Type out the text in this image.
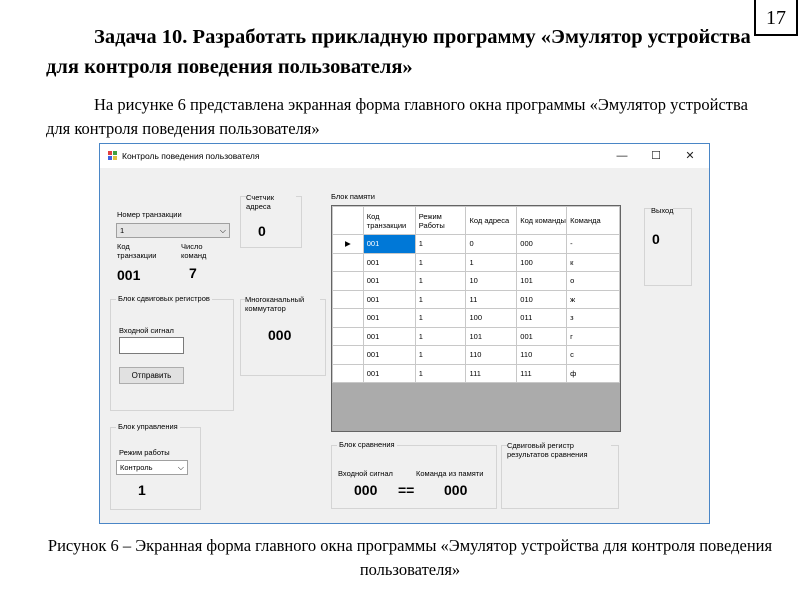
17
Задача 10. Разработать прикладную программу «Эмулятор устройства для контроля поведения пользователя»
На рисунке 6 представлена экранная форма главного окна программы «Эмулятор устройства для контроля поведения пользователя»
Контроль поведения пользователя	—	☐	✕
Номер транзакции
1	⌵
Код транзакции
Число команд
001	7
Счетчик адреса
0
Блок сдвиговых регистров
Входной сигнал
Отправить
Многоканальный коммутатор
000
Блок управления
Режим работы
Контроль	⌵
1
Блок памяти
	Код транзакции	Режим Работы	Код адреса	Код команды	Команда
▶	001	1	0	000	-
	001	1	1	100	к
	001	1	10	101	о
	001	1	11	010	ж
	001	1	100	011	з
	001	1	101	001	г
	001	1	110	110	с
	001	1	111	111	ф
Выход
0
Блок сравнения
Входной сигнал	Команда из памяти
000 == 000
Сдвиговый регистр результатов сравнения
Рисунок 6 – Экранная форма главного окна программы «Эмулятор устройства для контроля поведения пользователя»
